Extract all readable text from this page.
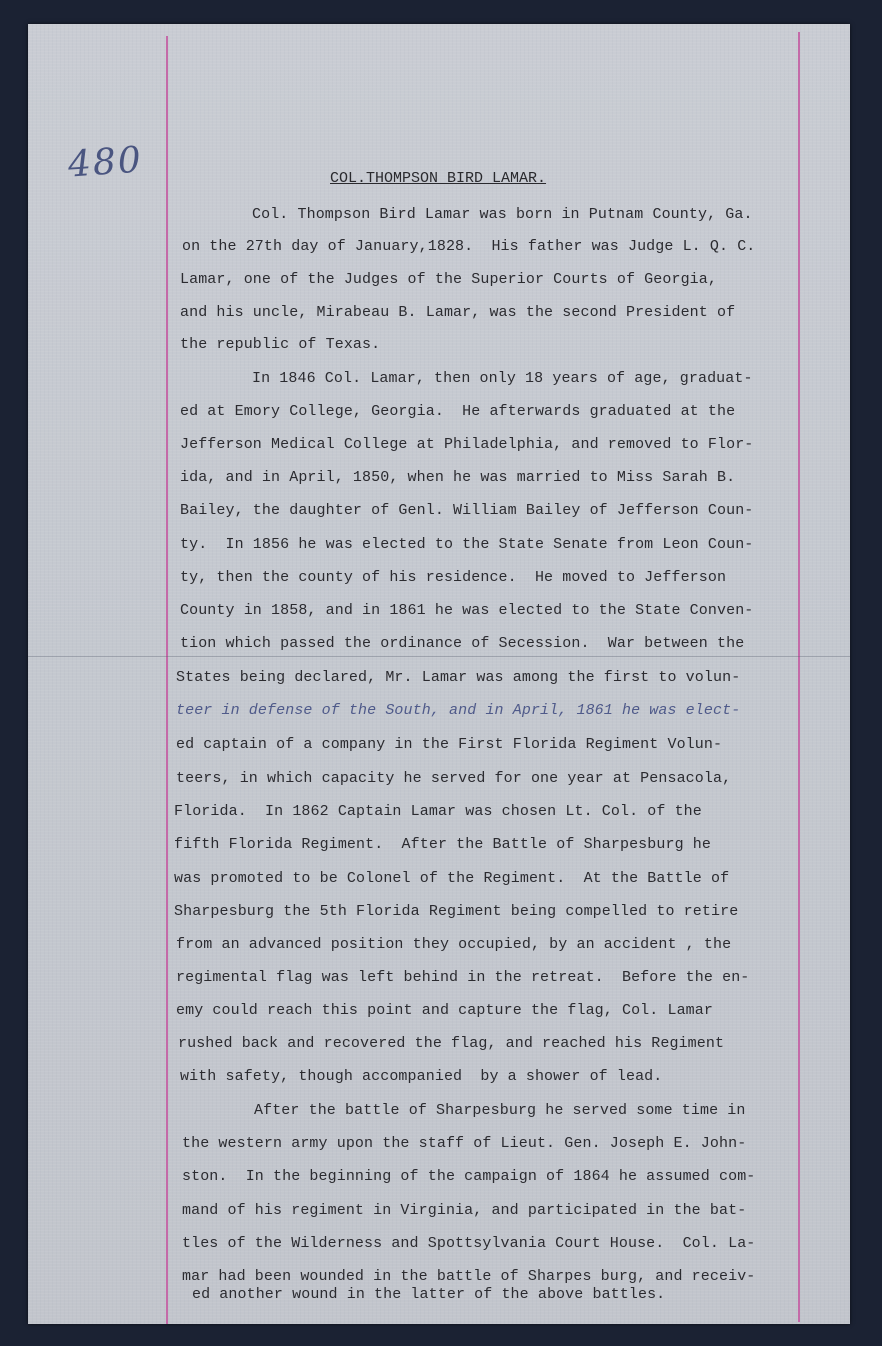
480	COL.THOMPSON BIRD LAMAR.
Col. Thompson Bird Lamar was born in Putnam County, Ga.
on the 27th day of January,1828.  His father was Judge L. Q. C.
Lamar, one of the Judges of the Superior Courts of Georgia,
and his uncle, Mirabeau B. Lamar, was the second President of
the republic of Texas.
In 1846 Col. Lamar, then only 18 years of age, graduat-
ed at Emory College, Georgia.  He afterwards graduated at the
Jefferson Medical College at Philadelphia, and removed to Flor-
ida, and in April, 1850, when he was married to Miss Sarah B.
Bailey, the daughter of Genl. William Bailey of Jefferson Coun-
ty.  In 1856 he was elected to the State Senate from Leon Coun-
ty, then the county of his residence.  He moved to Jefferson
County in 1858, and in 1861 he was elected to the State Conven-
tion which passed the ordinance of Secession.  War between the
States being declared, Mr. Lamar was among the first to volun-
teer in defense of the South, and in April, 1861 he was elect-
ed captain of a company in the First Florida Regiment Volun-
teers, in which capacity he served for one year at Pensacola,
Florida.  In 1862 Captain Lamar was chosen Lt. Col. of the
fifth Florida Regiment.  After the Battle of Sharpesburg he
was promoted to be Colonel of the Regiment.  At the Battle of
Sharpesburg the 5th Florida Regiment being compelled to retire
from an advanced position they occupied, by an accident , the
regimental flag was left behind in the retreat.  Before the en-
emy could reach this point and capture the flag, Col. Lamar
rushed back and recovered the flag, and reached his Regiment
with safety, though accompanied  by a shower of lead.
After the battle of Sharpesburg he served some time in
the western army upon the staff of Lieut. Gen. Joseph E. John-
ston.  In the beginning of the campaign of 1864 he assumed com-
mand of his regiment in Virginia, and participated in the bat-
tles of the Wilderness and Spottsylvania Court House.  Col. La-
mar had been wounded in the battle of Sharpes burg, and receiv-
ed another wound in the latter of the above battles.
